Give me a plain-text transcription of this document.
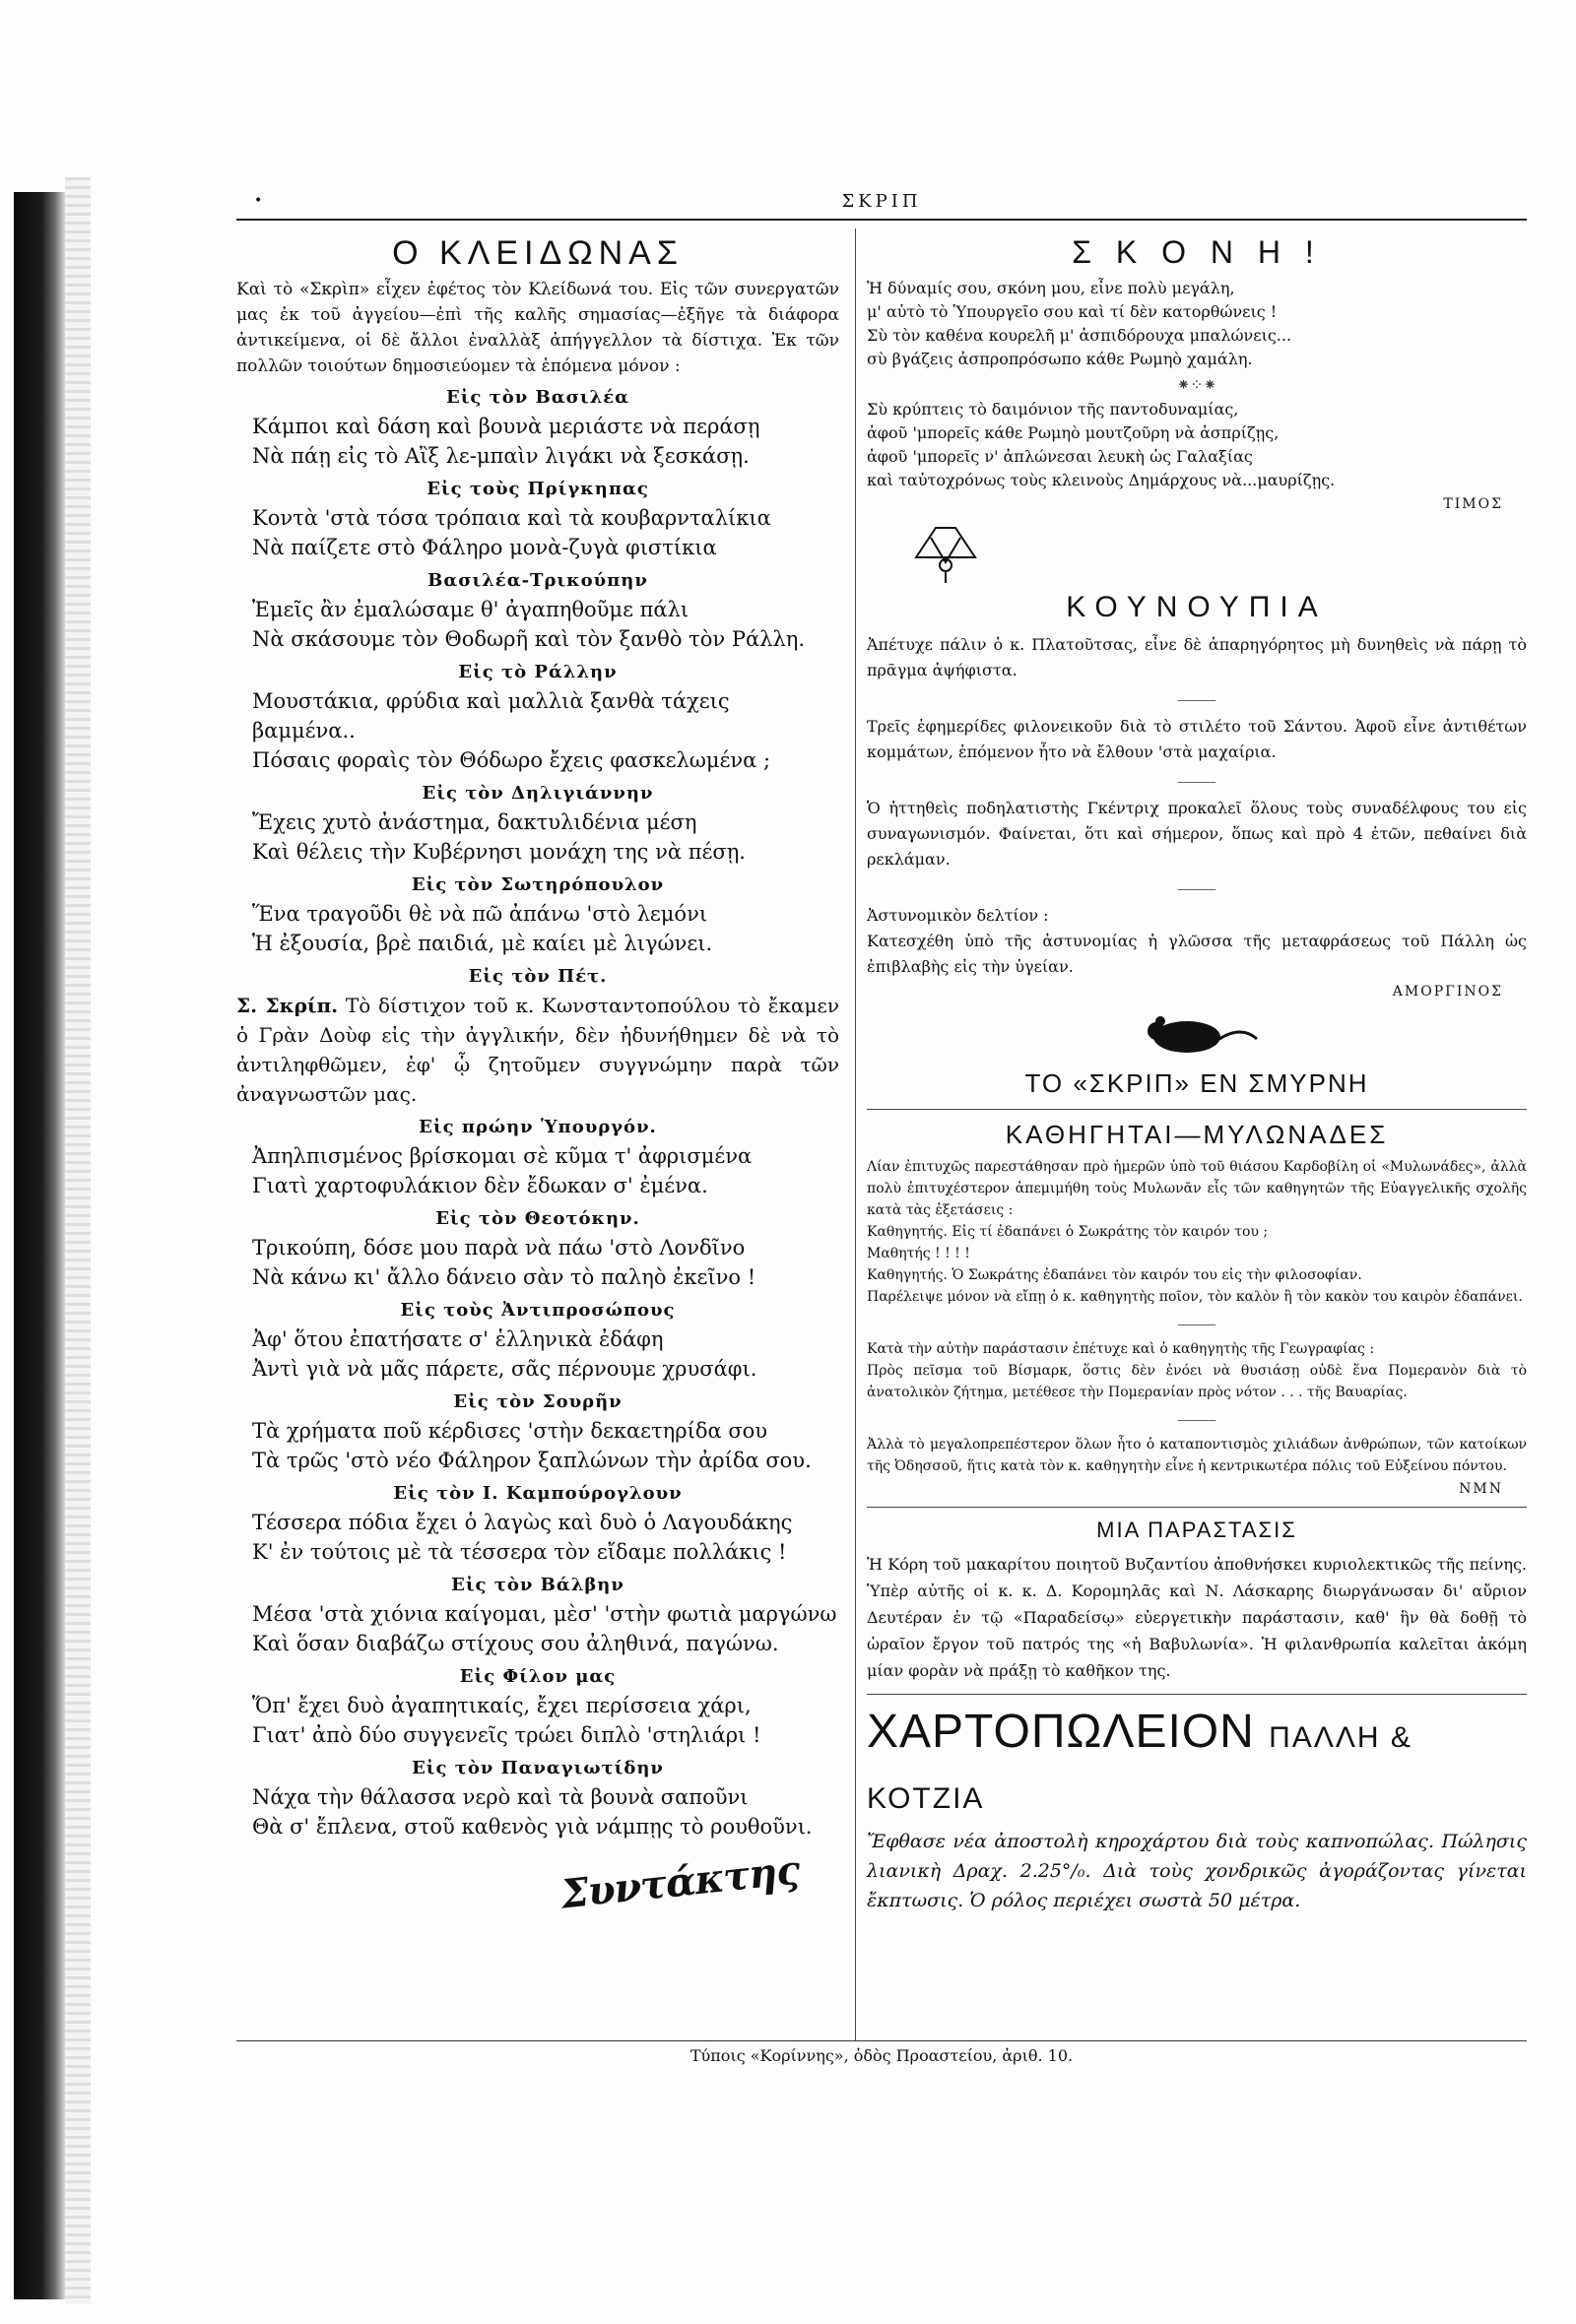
•	ΣΚΡΙΠ
Ο ΚΛΕΙΔΩΝΑΣ

Καὶ τὸ «Σκρὶπ» εἶχεν ἐφέτος τὸν Κλείδωνά του. Εἰς τῶν συνεργατῶν μας ἐκ τοῦ ἀγγείου—ἐπὶ τῆς καλῆς σημασίας—ἐξῆγε τὰ διάφορα ἀντικείμενα, οἱ δὲ ἄλλοι ἐναλλὰξ ἀπήγγελλον τὰ δίστιχα. Ἐκ τῶν πολλῶν τοιούτων δημοσιεύομεν τὰ ἑπόμενα μόνον :

Εἰς τὸν Βασιλέα

Κάμποι καὶ δάση καὶ βουνὰ μεριάστε νὰ περάσῃ

Νὰ πάῃ εἰς τὸ Αἲξ λε-μπαὶν λιγάκι νὰ ξεσκάσῃ.

Εἰς τοὺς Πρίγκηπας

Κοντὰ 'στὰ τόσα τρόπαια καὶ τὰ κουβαρνταλίκια

Νὰ παίζετε στὸ Φάληρο μονὰ-ζυγὰ φιστίκια

Βασιλέα-Τρικούπην

Ἐμεῖς ἂν ἐμαλώσαμε θ' ἀγαπηθοῦμε πάλι

Νὰ σκάσουμε τὸν Θοδωρῆ καὶ τὸν ξανθὸ τὸν Ράλλη.

Εἰς τὸ Ράλλην

Μουστάκια, φρύδια καὶ μαλλιὰ ξανθὰ τάχεις βαμμένα..

Πόσαις φοραὶς τὸν Θόδωρο ἔχεις φασκελωμένα ;

Εἰς τὸν Δηλιγιάννην

Ἔχεις χυτὸ ἀνάστημα, δακτυλιδένια μέση

Καὶ θέλεις τὴν Κυβέρνησι μονάχη της νὰ πέσῃ.

Εἰς τὸν Σωτηρόπουλον

Ἕνα τραγοῦδι θὲ νὰ πῶ ἀπάνω 'στὸ λεμόνι

Ἡ ἐξουσία, βρὲ παιδιά, μὲ καίει μὲ λιγώνει.

Εἰς τὸν Πέτ.

Σ. Σκρίπ. Τὸ δίστιχον τοῦ κ. Κωνσταντοπούλου τὸ ἔκαμεν ὁ Γρὰν Δοὺφ εἰς τὴν ἀγγλικήν, δὲν ἠδυνήθημεν δὲ νὰ τὸ ἀντιληφθῶμεν, ἐφ' ᾧ ζητοῦμεν συγγνώμην παρὰ τῶν ἀναγνωστῶν μας.

Εἰς πρώην Ὑπουργόν.

Ἀπηλπισμένος βρίσκομαι σὲ κῦμα τ' ἀφρισμένα

Γιατὶ χαρτοφυλάκιον δὲν ἔδωκαν σ' ἐμένα.

Εἰς τὸν Θεοτόκην.

Τρικούπη, δόσε μου παρὰ νὰ πάω 'στὸ Λονδῖνο

Νὰ κάνω κι' ἄλλο δάνειο σὰν τὸ παληὸ ἐκεῖνο !

Εἰς τοὺς Ἀντιπροσώπους

Ἀφ' ὅτου ἐπατήσατε σ' ἑλληνικὰ ἐδάφη

Ἀντὶ γιὰ νὰ μᾶς πάρετε, σᾶς πέρνουμε χρυσάφι.

Εἰς τὸν Σουρῆν

Τὰ χρήματα ποῦ κέρδισες 'στὴν δεκαετηρίδα σου

Τὰ τρῶς 'στὸ νέο Φάληρον ξαπλώνων τὴν ἀρίδα σου.

Εἰς τὸν Ι. Καμπούρογλουν

Τέσσερα πόδια ἔχει ὁ λαγὼς καὶ δυὸ ὁ Λαγουδάκης

Κ' ἐν τούτοις μὲ τὰ τέσσερα τὸν εἴδαμε πολλάκις !

Εἰς τὸν Βάλβην

Μέσα 'στὰ χιόνια καίγομαι, μὲσ' 'στὴν φωτιὰ μαργώνω

Καὶ ὅσαν διαβάζω στίχους σου ἀληθινά, παγώνω.

Εἰς Φίλον μας

Ὅπ' ἔχει δυὸ ἀγαπητικαίς, ἔχει περίσσεια χάρι,

Γιατ' ἀπὸ δύο συγγενεῖς τρώει διπλὸ 'στηλιάρι !

Εἰς τὸν Παναγιωτίδην

Νάχα τὴν θάλασσα νερὸ καὶ τὰ βουνὰ σαποῦνι

Θὰ σ' ἔπλενα, στοῦ καθενὸς γιὰ νάμπῃς τὸ ρουθοῦνι.

Συντάκτης
Σ Κ Ο Ν Η !

Ἡ δύναμίς σου, σκόνη μου, εἶνε πολὺ μεγάλη,

μ' αὐτὸ τὸ Ὑπουργεῖο σου καὶ τί δὲν κατορθώνεις !

Σὺ τὸν καθένα κουρελῆ μ' ἀσπιδόρουχα μπαλώνεις...

σὺ βγάζεις ἀσπροπρόσωπο κάθε Ρωμηὸ χαμάλη.

⁕⁘⁕

Σὺ κρύπτεις τὸ δαιμόνιον τῆς παντοδυναμίας,

ἀφοῦ 'μπορεῖς κάθε Ρωμηὸ μουτζοῦρη νὰ ἀσπρίζῃς,

ἀφοῦ 'μπορεῖς ν' ἁπλώνεσαι λευκὴ ὡς Γαλαξίας

καὶ ταὐτοχρόνως τοὺς κλεινοὺς Δημάρχους νὰ...μαυρίζῃς.

ΤΙΜΟΣ
ΚΟΥΝΟΥΠΙΑ

Ἀπέτυχε πάλιν ὁ κ. Πλατοῦτσας, εἶνε δὲ ἀπαρηγόρητος μὴ δυνηθεὶς νὰ πάρῃ τὸ πρᾶγμα ἀψήφιστα.

⸻

Τρεῖς ἐφημερίδες φιλονεικοῦν διὰ τὸ στιλέτο τοῦ Σάντου. Ἀφοῦ εἶνε ἀντιθέτων κομμάτων, ἑπόμενον ἦτο νὰ ἔλθουν 'στὰ μαχαίρια.

⸻

Ὁ ἡττηθεὶς ποδηλατιστὴς Γκέντριχ προκαλεῖ ὅλους τοὺς συναδέλφους του εἰς συναγωνισμόν. Φαίνεται, ὅτι καὶ σήμερον, ὅπως καὶ πρὸ 4 ἐτῶν, πεθαίνει διὰ ρεκλάμαν.

⸻

Ἀστυνομικὸν δελτίον :

Κατεσχέθη ὑπὸ τῆς ἀστυνομίας ἡ γλῶσσα τῆς μεταφράσεως τοῦ Πάλλη ὡς ἐπιβλαβὴς εἰς τὴν ὑγείαν.

ΑΜΟΡΓΙΝΟΣ
ΤΟ «ΣΚΡΙΠ» ΕΝ ΣΜΥΡΝΗ
ΚΑΘΗΓΗΤΑΙ—ΜΥΛΩΝΑΔΕΣ

Λίαν ἐπιτυχῶς παρεστάθησαν πρὸ ἡμερῶν ὑπὸ τοῦ θιάσου Καρδοβίλη οἱ «Μυλωνάδες», ἀλλὰ πολὺ ἐπιτυχέστερον ἀπεμιμήθη τοὺς Μυλωνᾶν εἷς τῶν καθηγητῶν τῆς Εὐαγγελικῆς σχολῆς κατὰ τὰς ἐξετάσεις :

Καθηγητής. Εἰς τί ἐδαπάνει ὁ Σωκράτης τὸν καιρόν του ;

Μαθητής ! ! ! !

Καθηγητής. Ὁ Σωκράτης ἐδαπάνει τὸν καιρόν του εἰς τὴν φιλοσοφίαν.

Παρέλειψε μόνον νὰ εἴπῃ ὁ κ. καθηγητὴς ποῖον, τὸν καλὸν ἢ τὸν κακὸν του καιρὸν ἐδαπάνει.

⸻

Κατὰ τὴν αὐτὴν παράστασιν ἐπέτυχε καὶ ὁ καθηγητὴς τῆς Γεωγραφίας :

Πρὸς πεῖσμα τοῦ Βίσμαρκ, ὅστις δὲν ἐνόει νὰ θυσιάσῃ οὐδὲ ἕνα Πομερανὸν διὰ τὸ ἀνατολικὸν ζήτημα, μετέθεσε τὴν Πομερανίαν πρὸς νότον . . . τῆς Βαυαρίας.

⸻

Ἀλλὰ τὸ μεγαλοπρεπέστερον ὅλων ἦτο ὁ καταποντισμὸς χιλιάδων ἀνθρώπων, τῶν κατοίκων τῆς Ὀδησσοῦ, ἥτις κατὰ τὸν κ. καθηγητὴν εἶνε ἡ κεντρικωτέρα πόλις τοῦ Εὐξείνου πόντου.

ΝΜΝ
ΜΙΑ ΠΑΡΑΣΤΑΣΙΣ

Ἡ Κόρη τοῦ μακαρίτου ποιητοῦ Βυζαντίου ἀποθνήσκει κυριολεκτικῶς τῆς πείνης. Ὑπὲρ αὐτῆς οἱ κ. κ. Δ. Κορομηλᾶς καὶ Ν. Λάσκαρης διωργάνωσαν δι' αὔριον Δευτέραν ἐν τῷ «Παραδείσῳ» εὐεργετικὴν παράστασιν, καθ' ἣν θὰ δοθῇ τὸ ὡραῖον ἔργον τοῦ πατρός της «ἡ Βαβυλωνία». Ἡ φιλανθρωπία καλεῖται ἀκόμη μίαν φορὰν νὰ πράξῃ τὸ καθῆκον της.

ΧΑΡΤΟΠΩΛΕΙΟΝ ΠΑΛΛΗ & ΚΟΤΖΙΑ

Ἔφθασε νέα ἀποστολὴ κηροχάρτου διὰ τοὺς καπνοπώλας. Πώλησις λιανικὴ Δραχ. 2.25°/₀. Διὰ τοὺς χονδρικῶς ἀγοράζοντας γίνεται ἔκπτωσις. Ὁ ρόλος περιέχει σωστὰ 50 μέτρα.

Τύποις «Κορίννης», ὁδὸς Προαστείου, ἀριθ. 10.
